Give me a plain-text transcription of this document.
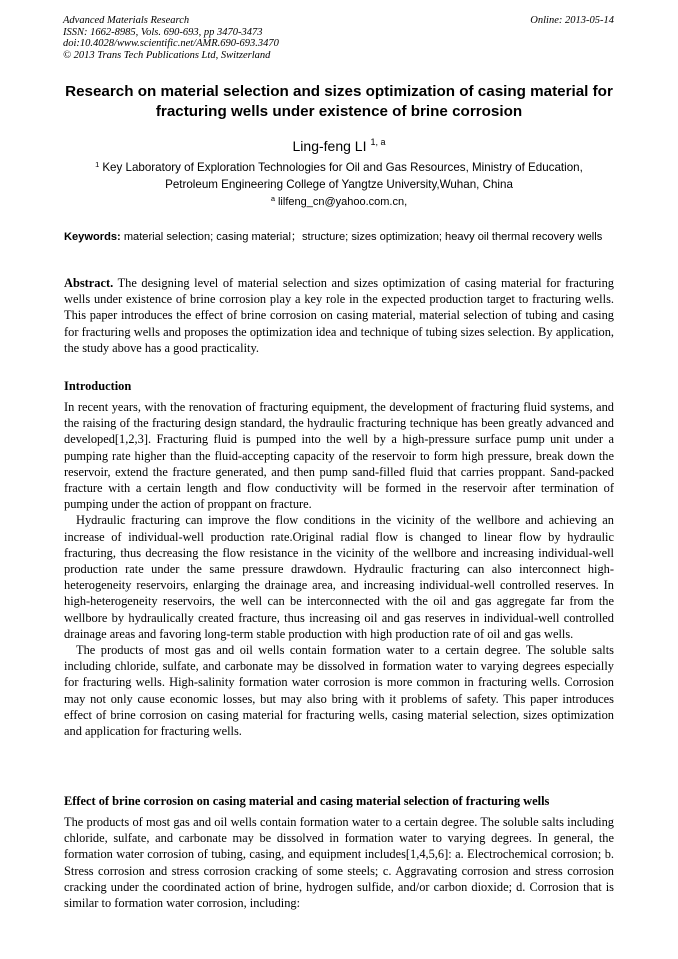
Advanced Materials Research
ISSN: 1662-8985, Vols. 690-693, pp 3470-3473
doi:10.4028/www.scientific.net/AMR.690-693.3470
© 2013 Trans Tech Publications Ltd, Switzerland
Online: 2013-05-14
Research on material selection and sizes optimization of casing material for fracturing wells under existence of brine corrosion
Ling-feng LI $^{1, a}$
$^1$ Key Laboratory of Exploration Technologies for Oil and Gas Resources, Ministry of Education,
Petroleum Engineering College of Yangtze University,Wuhan, China
$^a$ lilfeng_cn@yahoo.com.cn,
Keywords: material selection; casing material；structure; sizes optimization; heavy oil thermal recovery wells
Abstract. The designing level of material selection and sizes optimization of casing material for fracturing wells under existence of brine corrosion play a key role in the expected production target to fracturing wells. This paper introduces the effect of brine corrosion on casing material, material selection of tubing and casing for fracturing wells and proposes the optimization idea and technique of tubing sizes selection. By application, the study above has a good practicality.
Introduction

In recent years, with the renovation of fracturing equipment, the development of fracturing fluid systems, and the raising of the fracturing design standard, the hydraulic fracturing technique has been greatly advanced and developed[1,2,3]. Fracturing fluid is pumped into the well by a high-pressure surface pump unit under a pumping rate higher than the fluid-accepting capacity of the reservoir to form high pressure, break down the reservoir, extend the fracture generated, and then pump sand-filled fluid that carries proppant. Sand-packed fracture with a certain length and flow conductivity will be formed in the reservoir after termination of pumping under the action of proppant on fracture.

Hydraulic fracturing can improve the flow conditions in the vicinity of the wellbore and achieving an increase of individual-well production rate.Original radial flow is changed to linear flow by hydraulic fracturing, thus decreasing the flow resistance in the vicinity of the wellbore and increasing individual-well production rate under the same pressure drawdown. Hydraulic fracturing can also interconnect high-heterogeneity reservoirs, enlarging the drainage area, and increasing individual-well controlled reserves. In high-heterogeneity reservoirs, the well can be interconnected with the oil and gas aggregate far from the wellbore by hydraulically created fracture, thus increasing oil and gas reserves in individual-well controlled drainage areas and favoring long-term stable production with high production rate of oil and gas wells.

The products of most gas and oil wells contain formation water to a certain degree. The soluble salts including chloride, sulfate, and carbonate may be dissolved in formation water to varying degrees especially for fracturing wells. High-salinity formation water corrosion is more common in fracturing wells. Corrosion may not only cause economic losses, but may also bring with it problems of safety. This paper introduces effect of brine corrosion on casing material for fracturing wells, casing material selection, sizes optimization and application for fracturing wells.

Effect of brine corrosion on casing material and casing material selection of fracturing wells

The products of most gas and oil wells contain formation water to a certain degree. The soluble salts including chloride, sulfate, and carbonate may be dissolved in formation water to varying degrees. In general, the formation water corrosion of tubing, casing, and equipment includes[1,4,5,6]: a. Electrochemical corrosion; b. Stress corrosion and stress corrosion cracking of some steels; c. Aggravating corrosion and stress corrosion cracking under the coordinated action of brine, hydrogen sulfide, and/or carbon dioxide; d. Corrosion that is similar to formation water corrosion, including:
